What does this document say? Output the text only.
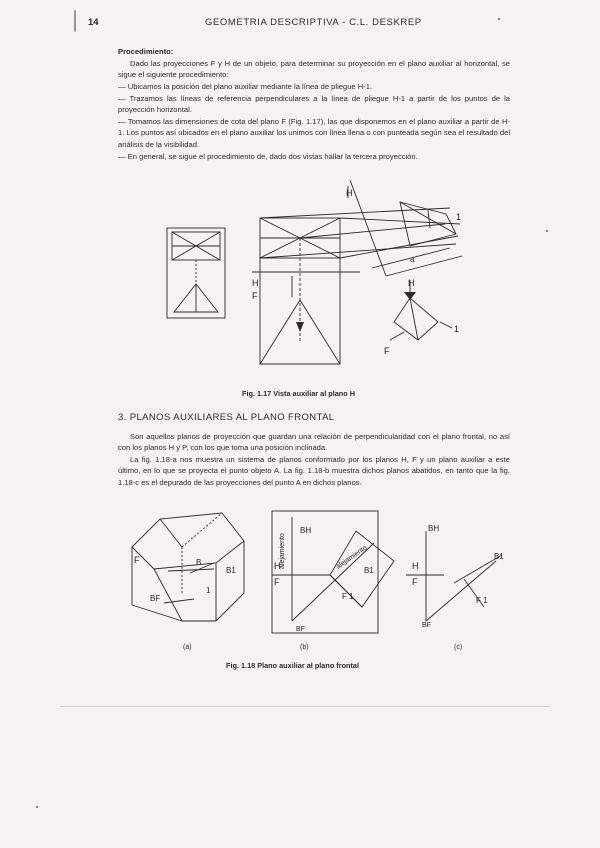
14	GEOMETRIA DESCRIPTIVA - C.L. DESKREP
Procedimiento:
Dado las proyecciones F y H de un objeto, para determinar su proyección en el plano auxiliar al horizontal, se sigue el siguiente procedimiento:
— Ubicamos la posición del plano auxiliar mediante la línea de pliegue H-1.
— Trazamos las líneas de referencia perpendiculares a la línea de pliegue H-1 a partir de los puntos de la proyección horizontal.
— Tomamos las dimensiones de cota del plano F (Fig. 1.17), las que disponemos en el plano auxiliar a partir de H-1. Los puntos así ubicados en el plano auxiliar los unimos con línea llena o con punteada según sea el resultado del análisis de la visibilidad.
— En general, se sigue el procedimiento de, dado dos vistas hallar la tercera proyección.
H
1
H
F
a
H
F
1
Fig. 1.17 Vista auxiliar al plano H
3. PLANOS AUXILIARES AL PLANO FRONTAL
Son aquellos planos de proyección que guardan una relación de perpendicularidad con el plano frontal, no así con los planos H y P, con los que toma una posición inclinada.
La fig. 1.18-a nos muestra un sistema de planos conformado por los planos H, F y un plano auxiliar a este último, en lo que se proyecta el punto objeto A. La fig. 1.18-b muestra dichos planos abatidos, en tanto que la fig. 1.18-c es el depurado de las proyecciones del punto A en dichos planos.
F	B
B1
BF
1
alejamiento	alejamiento
H
F
BH
B1
BF
F 1
BH
B1
H
F
F 1
BF
(a)	(b)	(c)
Fig. 1.18 Plano auxiliar al plano frontal
